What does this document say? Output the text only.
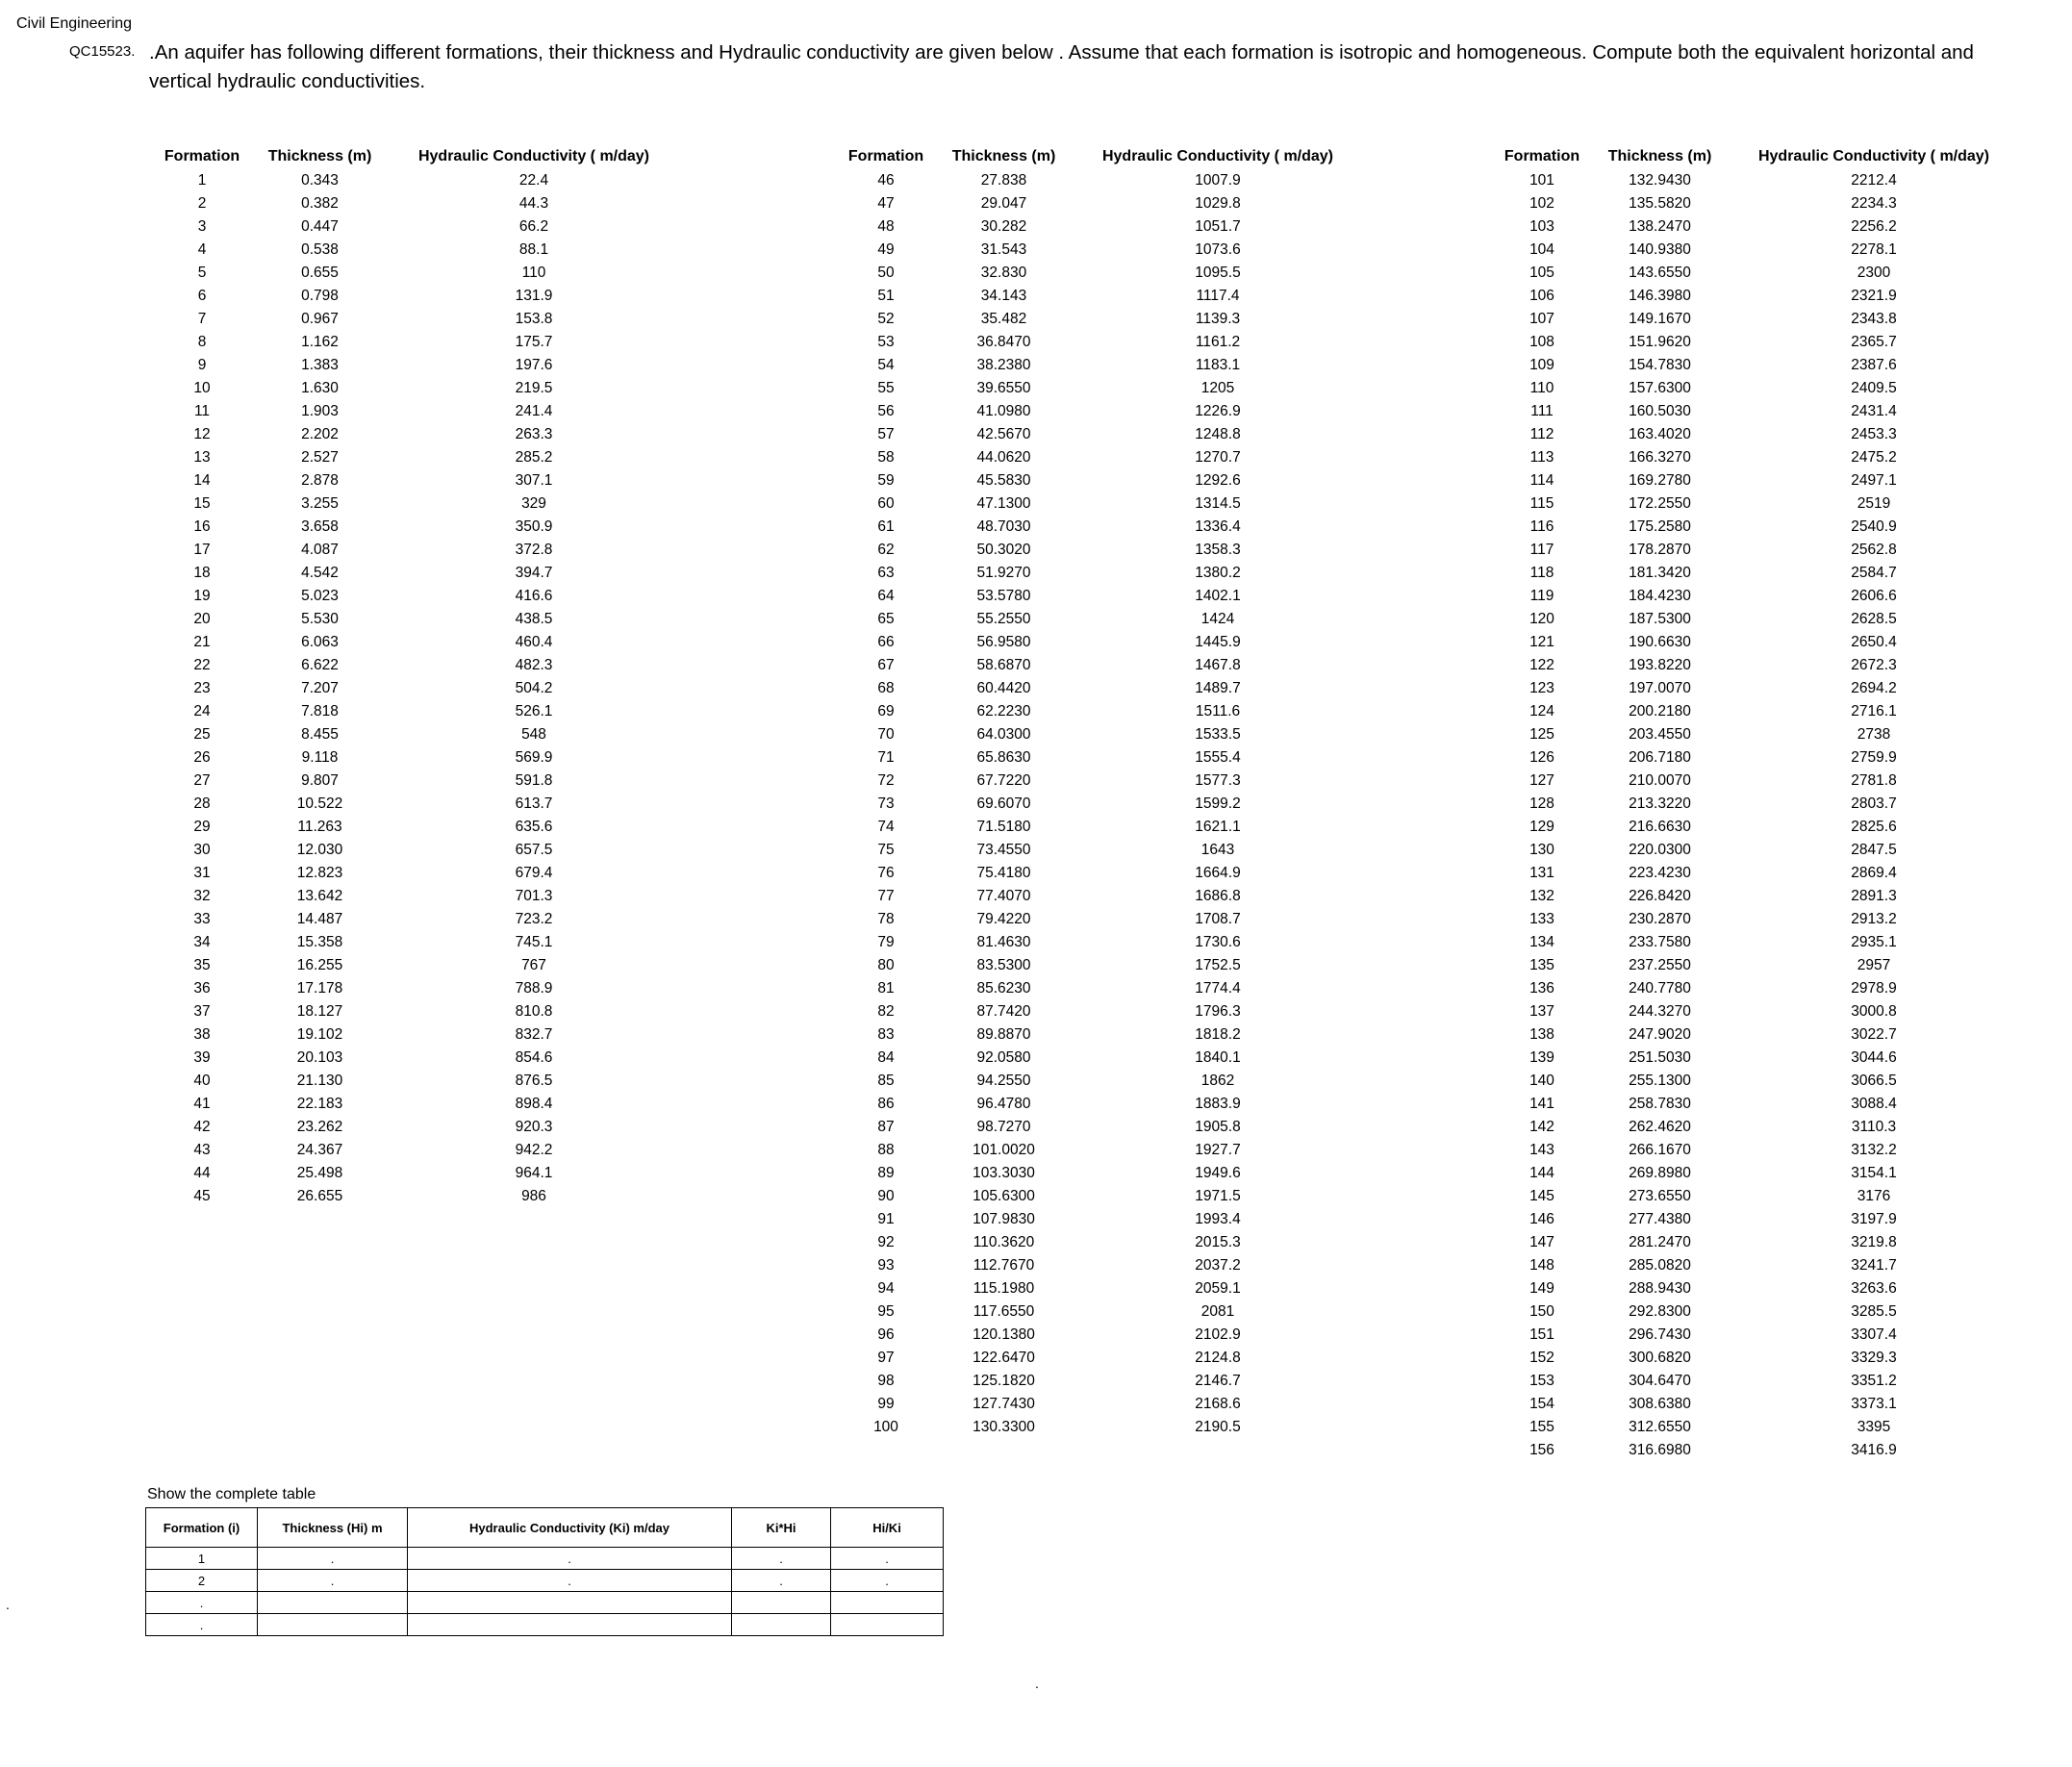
Civil Engineering
QC15523. .An aquifer has following different formations, their thickness and Hydraulic conductivity are given below . Assume that each formation is isotropic and homogeneous. Compute both the equivalent horizontal and vertical hydraulic conductivities.
Formation	Thickness (m)	Hydraulic Conductivity ( m/day)
1	0.343	22.4
2	0.382	44.3
3	0.447	66.2
4	0.538	88.1
5	0.655	110
6	0.798	131.9
7	0.967	153.8
8	1.162	175.7
9	1.383	197.6
10	1.630	219.5
11	1.903	241.4
12	2.202	263.3
13	2.527	285.2
14	2.878	307.1
15	3.255	329
16	3.658	350.9
17	4.087	372.8
18	4.542	394.7
19	5.023	416.6
20	5.530	438.5
21	6.063	460.4
22	6.622	482.3
23	7.207	504.2
24	7.818	526.1
25	8.455	548
26	9.118	569.9
27	9.807	591.8
28	10.522	613.7
29	11.263	635.6
30	12.030	657.5
31	12.823	679.4
32	13.642	701.3
33	14.487	723.2
34	15.358	745.1
35	16.255	767
36	17.178	788.9
37	18.127	810.8
38	19.102	832.7
39	20.103	854.6
40	21.130	876.5
41	22.183	898.4
42	23.262	920.3
43	24.367	942.2
44	25.498	964.1
45	26.655	986
Formation	Thickness (m)	Hydraulic Conductivity ( m/day)
46	27.838	1007.9
47	29.047	1029.8
48	30.282	1051.7
49	31.543	1073.6
50	32.830	1095.5
51	34.143	1117.4
52	35.482	1139.3
53	36.8470	1161.2
54	38.2380	1183.1
55	39.6550	1205
56	41.0980	1226.9
57	42.5670	1248.8
58	44.0620	1270.7
59	45.5830	1292.6
60	47.1300	1314.5
61	48.7030	1336.4
62	50.3020	1358.3
63	51.9270	1380.2
64	53.5780	1402.1
65	55.2550	1424
66	56.9580	1445.9
67	58.6870	1467.8
68	60.4420	1489.7
69	62.2230	1511.6
70	64.0300	1533.5
71	65.8630	1555.4
72	67.7220	1577.3
73	69.6070	1599.2
74	71.5180	1621.1
75	73.4550	1643
76	75.4180	1664.9
77	77.4070	1686.8
78	79.4220	1708.7
79	81.4630	1730.6
80	83.5300	1752.5
81	85.6230	1774.4
82	87.7420	1796.3
83	89.8870	1818.2
84	92.0580	1840.1
85	94.2550	1862
86	96.4780	1883.9
87	98.7270	1905.8
88	101.0020	1927.7
89	103.3030	1949.6
90	105.6300	1971.5
91	107.9830	1993.4
92	110.3620	2015.3
93	112.7670	2037.2
94	115.1980	2059.1
95	117.6550	2081
96	120.1380	2102.9
97	122.6470	2124.8
98	125.1820	2146.7
99	127.7430	2168.6
100	130.3300	2190.5
Formation	Thickness (m)	Hydraulic Conductivity ( m/day)
101	132.9430	2212.4
102	135.5820	2234.3
103	138.2470	2256.2
104	140.9380	2278.1
105	143.6550	2300
106	146.3980	2321.9
107	149.1670	2343.8
108	151.9620	2365.7
109	154.7830	2387.6
110	157.6300	2409.5
111	160.5030	2431.4
112	163.4020	2453.3
113	166.3270	2475.2
114	169.2780	2497.1
115	172.2550	2519
116	175.2580	2540.9
117	178.2870	2562.8
118	181.3420	2584.7
119	184.4230	2606.6
120	187.5300	2628.5
121	190.6630	2650.4
122	193.8220	2672.3
123	197.0070	2694.2
124	200.2180	2716.1
125	203.4550	2738
126	206.7180	2759.9
127	210.0070	2781.8
128	213.3220	2803.7
129	216.6630	2825.6
130	220.0300	2847.5
131	223.4230	2869.4
132	226.8420	2891.3
133	230.2870	2913.2
134	233.7580	2935.1
135	237.2550	2957
136	240.7780	2978.9
137	244.3270	3000.8
138	247.9020	3022.7
139	251.5030	3044.6
140	255.1300	3066.5
141	258.7830	3088.4
142	262.4620	3110.3
143	266.1670	3132.2
144	269.8980	3154.1
145	273.6550	3176
146	277.4380	3197.9
147	281.2470	3219.8
148	285.0820	3241.7
149	288.9430	3263.6
150	292.8300	3285.5
151	296.7430	3307.4
152	300.6820	3329.3
153	304.6470	3351.2
154	308.6380	3373.1
155	312.6550	3395
156	316.6980	3416.9
Show the complete table
Formation (i)	Thickness (Hi) m	Hydraulic Conductivity (Ki) m/day	Ki*Hi	Hi/Ki
1	.	.	.	.
2	.	.	.	.
.				
.				
.
.
